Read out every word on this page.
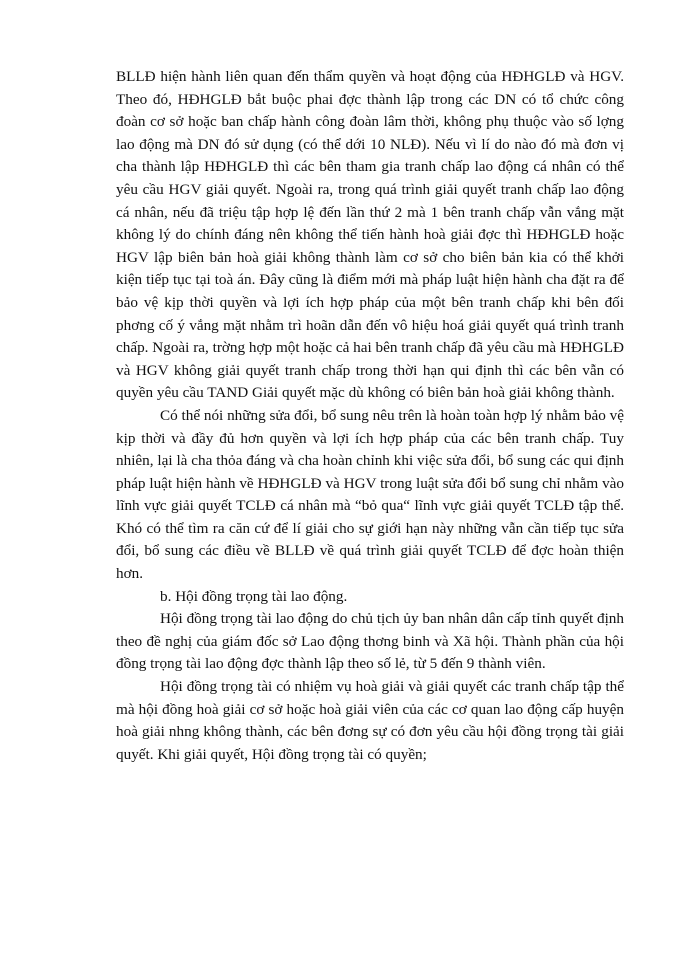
BLLĐ hiện hành liên quan đến thẩm quyền và hoạt động của HĐHGLĐ và HGV. Theo đó, HĐHGLĐ bắt buộc phai đợc thành lập trong các DN có tổ chức công đoàn cơ sở hoặc ban chấp hành công đoàn lâm thời, không phụ thuộc vào số lợng lao động mà DN đó sử dụng (có thể dới 10 NLĐ). Nếu vì lí do nào đó mà đơn vị cha thành lập HĐHGLĐ thì các bên tham gia tranh chấp lao động cá nhân có thể yêu cầu HGV giải quyết. Ngoài ra, trong quá trình giải quyết tranh chấp lao động cá nhân, nếu đã triệu tập hợp lệ đến lần thứ 2 mà 1 bên tranh chấp vẫn vắng mặt không lý do chính đáng nên không thể tiến hành hoà giải đợc thì HĐHGLĐ hoặc HGV lập biên bản hoà giải không thành làm cơ sở cho biên bản kia có thể khởi kiện tiếp tục tại toà án. Đây cũng là điểm mới mà pháp luật hiện hành cha đặt ra để bảo vệ kịp thời quyền và lợi ích hợp pháp của một bên tranh chấp khi bên đối phơng cố ý vắng mặt nhằm trì hoãn dẫn đến vô hiệu hoá giải quyết quá trình tranh chấp. Ngoài ra, trờng hợp một hoặc cả hai bên tranh chấp đã yêu cầu mà HĐHGLĐ và HGV không giải quyết tranh chấp trong thời hạn qui định thì các bên vẫn có quyền yêu cầu TAND Giải quyết mặc dù không có biên bản hoà giải không thành.

Có thể nói những sửa đổi, bổ sung nêu trên là hoàn toàn hợp lý nhằm bảo vệ kịp thời và đầy đủ hơn quyền và lợi ích hợp pháp của các bên tranh chấp. Tuy nhiên, lại là cha thỏa đáng và cha hoàn chỉnh khi việc sửa đổi, bổ sung các qui định pháp luật hiện hành về HĐHGLĐ và HGV trong luật sửa đổi bổ sung chỉ nhằm vào lĩnh vực giải quyết TCLĐ cá nhân mà “bỏ qua“ lĩnh vực giải quyết TCLĐ tập thể. Khó có thể tìm ra căn cứ để lí giải cho sự giới hạn này những vẫn cần tiếp tục sửa đổi, bổ sung các điều về BLLĐ về quá trình giải quyết TCLĐ để đợc hoàn thiện hơn.

b. Hội đồng trọng tài lao động.

Hội đồng trọng tài lao động do chủ tịch ủy ban nhân dân cấp tỉnh quyết định theo đề nghị của giám đốc sở Lao động thơng binh và Xã hội. Thành phần của hội đồng trọng tài lao động đợc thành lập theo số lẻ, từ 5 đến 9 thành viên.

Hội đồng trọng tài có nhiệm vụ hoà giải và giải quyết các tranh chấp tập thể mà hội đồng hoà giải cơ sở hoặc hoà giải viên của các cơ quan lao động cấp huyện hoà giải nhng không thành, các bên đơng sự có đơn yêu cầu hội đồng trọng tài giải quyết. Khi giải quyết, Hội đồng trọng tài có quyền;
